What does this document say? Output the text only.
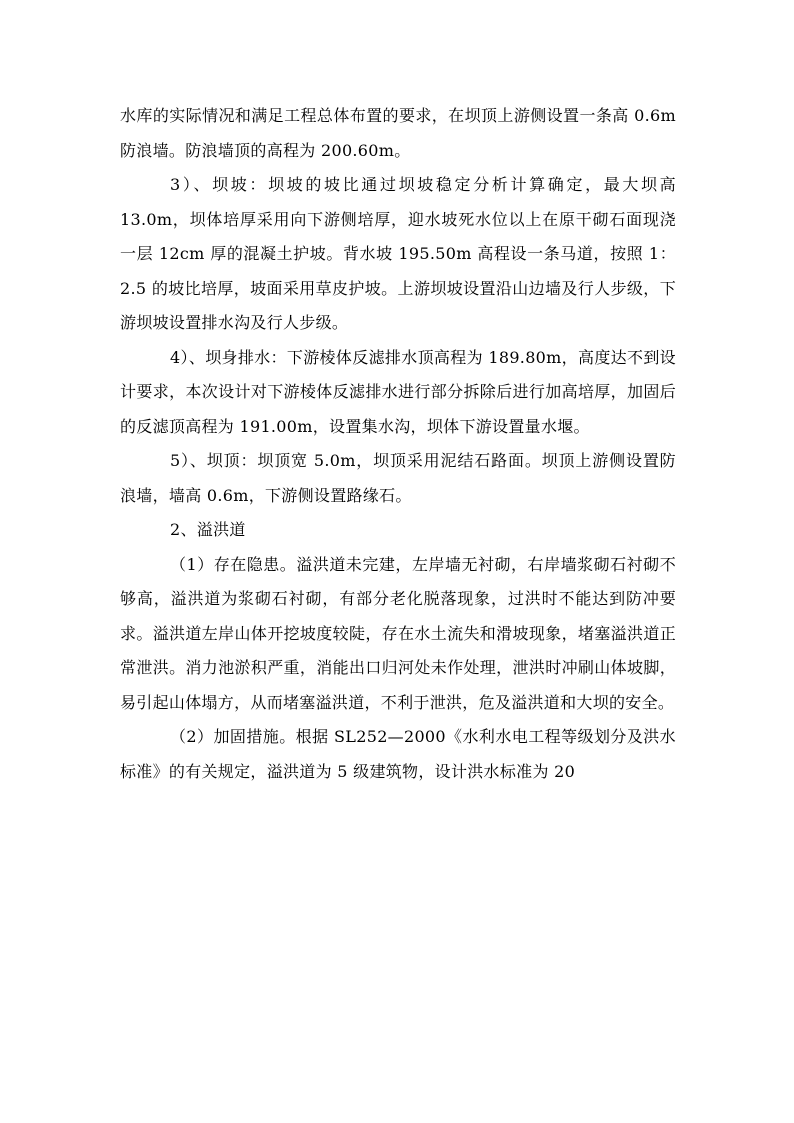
水库的实际情况和满足工程总体布置的要求，在坝顶上游侧设置一条高 0.6m 防浪墙。防浪墙顶的高程为 200.60m。

3）、坝坡：坝坡的坡比通过坝坡稳定分析计算确定，最大坝高 13.0m，坝体培厚采用向下游侧培厚，迎水坡死水位以上在原干砌石面现浇一层 12cm 厚的混凝土护坡。背水坡 195.50m 高程设一条马道，按照 1：2.5 的坡比培厚，坡面采用草皮护坡。上游坝坡设置沿山边墙及行人步级，下游坝坡设置排水沟及行人步级。

4）、坝身排水：下游棱体反滤排水顶高程为 189.80m，高度达不到设计要求，本次设计对下游棱体反滤排水进行部分拆除后进行加高培厚，加固后的反滤顶高程为 191.00m，设置集水沟，坝体下游设置量水堰。

5）、坝顶：坝顶宽 5.0m，坝顶采用泥结石路面。坝顶上游侧设置防浪墙，墙高 0.6m，下游侧设置路缘石。

2、溢洪道

（1）存在隐患。溢洪道未完建，左岸墙无衬砌，右岸墙浆砌石衬砌不够高，溢洪道为浆砌石衬砌，有部分老化脱落现象，过洪时不能达到防冲要求。溢洪道左岸山体开挖坡度较陡，存在水土流失和滑坡现象，堵塞溢洪道正常泄洪。消力池淤积严重，消能出口归河处未作处理，泄洪时冲刷山体坡脚，易引起山体塌方，从而堵塞溢洪道，不利于泄洪，危及溢洪道和大坝的安全。

（2）加固措施。根据 SL252—2000《水利水电工程等级划分及洪水标准》的有关规定，溢洪道为 5 级建筑物，设计洪水标准为 20
